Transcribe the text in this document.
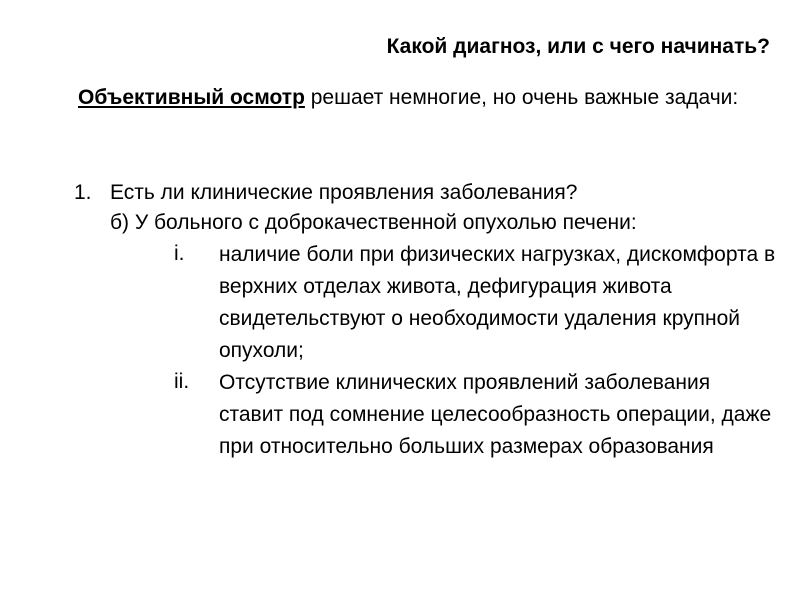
Какой диагноз, или с чего начинать?
Объективный осмотр решает немногие, но очень важные задачи:
1. Есть ли клинические проявления заболевания?
б) У больного с доброкачественной опухолью печени:
i. наличие боли при физических нагрузках, дискомфорта в верхних отделах живота, дефигурация живота свидетельствуют о необходимости удаления крупной опухоли;
ii. Отсутствие клинических проявлений заболевания ставит под сомнение целесообразность операции, даже при относительно больших размерах образования
